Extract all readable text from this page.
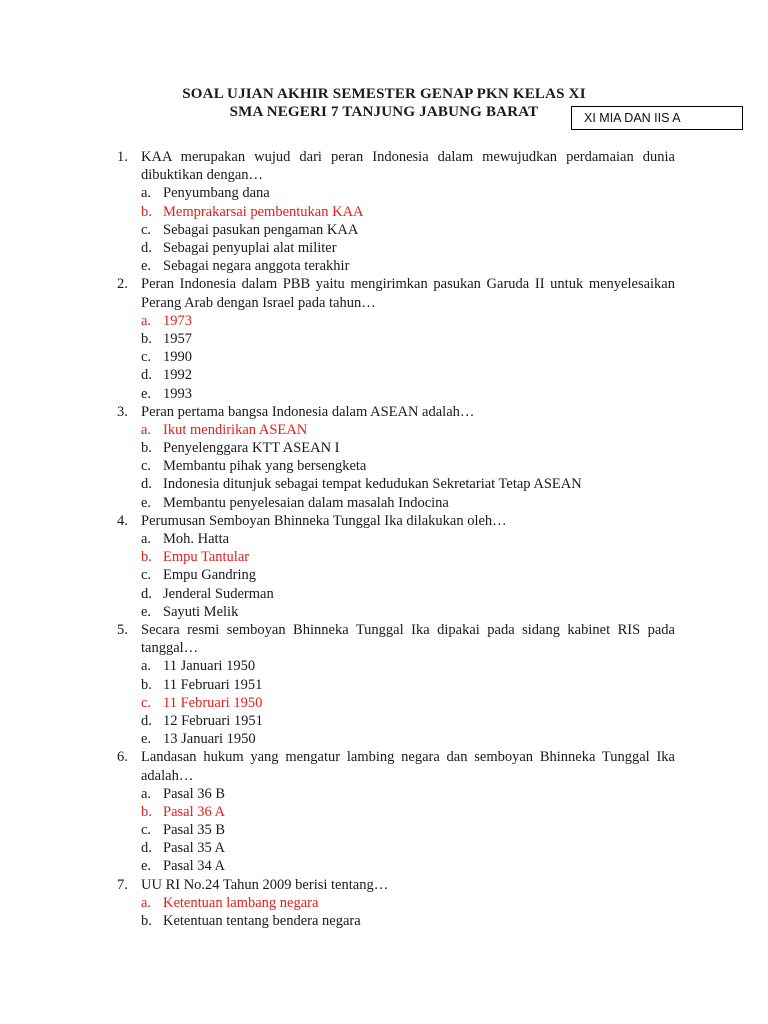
SOAL UJIAN AKHIR SEMESTER GENAP PKN KELAS XI
SMA NEGERI 7 TANJUNG JABUNG BARAT	XI MIA DAN IIS A
1. KAA merupakan wujud dari peran Indonesia dalam mewujudkan perdamaian dunia dibuktikan dengan…
a. Penyumbang dana
b. Memprakarsai pembentukan KAA
c. Sebagai pasukan pengaman KAA
d. Sebagai penyuplai alat militer
e. Sebagai negara anggota terakhir
2. Peran Indonesia dalam PBB yaitu mengirimkan pasukan Garuda II untuk menyelesaikan Perang Arab dengan Israel pada tahun…
a. 1973
b. 1957
c. 1990
d. 1992
e. 1993
3. Peran pertama bangsa Indonesia dalam ASEAN adalah…
a. Ikut mendirikan ASEAN
b. Penyelenggara KTT ASEAN I
c. Membantu pihak yang bersengketa
d. Indonesia ditunjuk sebagai tempat kedudukan Sekretariat Tetap ASEAN
e. Membantu penyelesaian dalam masalah Indocina
4. Perumusan Semboyan Bhinneka Tunggal Ika dilakukan oleh…
a. Moh. Hatta
b. Empu Tantular
c. Empu Gandring
d. Jenderal Suderman
e. Sayuti Melik
5. Secara resmi semboyan Bhinneka Tunggal Ika dipakai pada sidang kabinet RIS pada tanggal…
a. 11 Januari 1950
b. 11 Februari 1951
c. 11 Februari 1950
d. 12 Februari 1951
e. 13 Januari 1950
6. Landasan hukum yang mengatur lambing negara dan semboyan Bhinneka Tunggal Ika adalah…
a. Pasal 36 B
b. Pasal 36 A
c. Pasal 35 B
d. Pasal 35 A
e. Pasal 34 A
7. UU RI No.24 Tahun 2009 berisi tentang…
a. Ketentuan lambang negara
b. Ketentuan tentang bendera negara
